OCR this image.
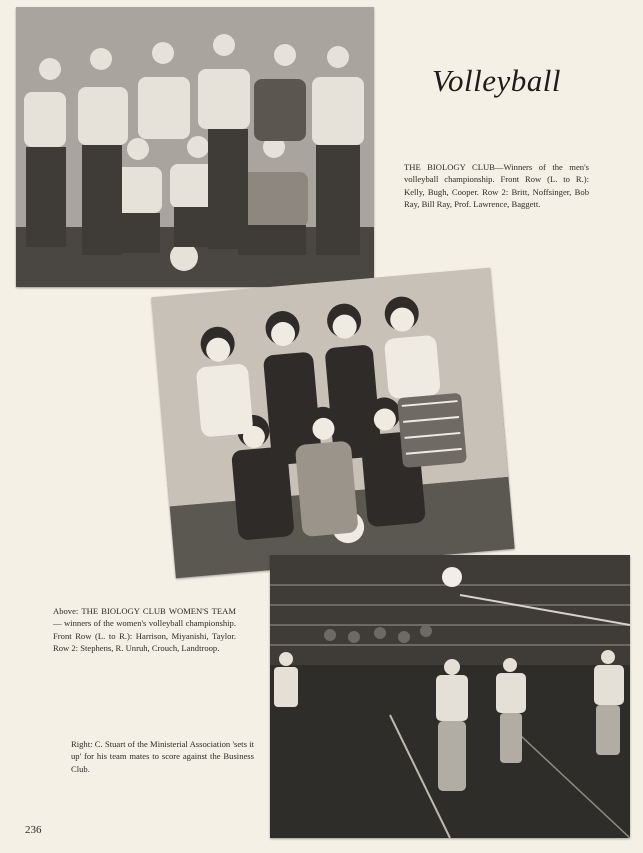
Volleyball
THE BIOLOGY CLUB—Winners of the men's volleyball championship. Front Row (L. to R.): Kelly, Bugh, Cooper. Row 2: Britt, Noffsinger, Bob Ray, Bill Ray, Prof. Lawrence, Baggett.
Above: THE BIOLOGY CLUB WOMEN'S TEAM — winners of the women's volleyball championship. Front Row (L. to R.): Harrison, Miyanishi, Taylor. Row 2: Stephens, R. Unruh, Crouch, Landtroop.
Right: C. Stuart of the Ministerial Association 'sets it up' for his team mates to score against the Business Club.
236
